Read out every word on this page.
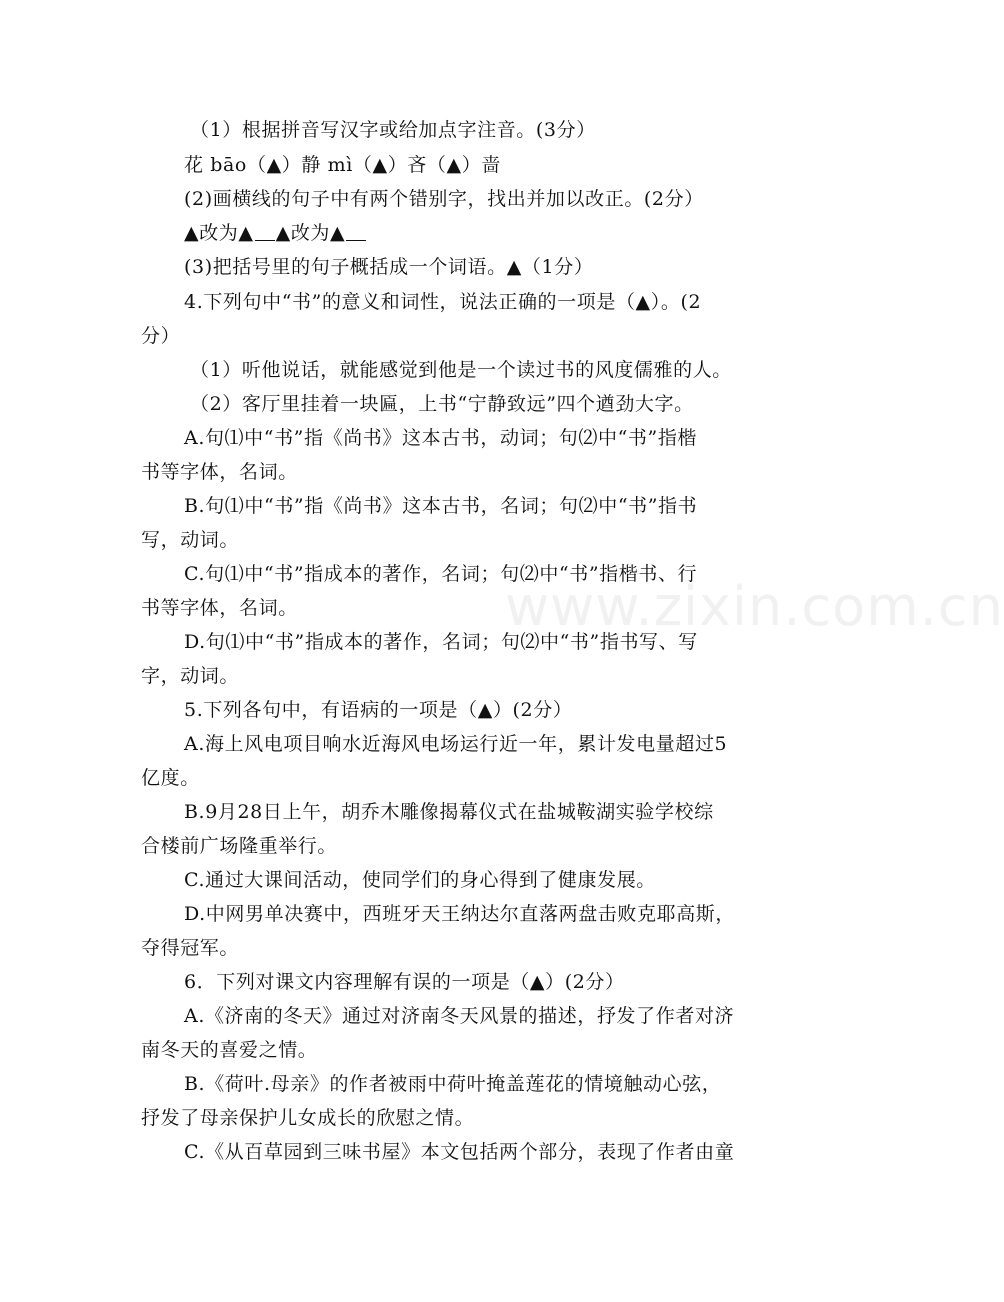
www.zixin.com.cn
（1）根据拼音写汉字或给加点字注音。(3分）
花 bāo（▲）静 mì（▲）吝（▲）啬
(2)画横线的句子中有两个错别字，找出并加以改正。(2分）
▲改为▲ ▲改为▲
(3)把括号里的句子概括成一个词语。▲（1分）
4.下列句中“书”的意义和词性，说法正确的一项是（▲）。(2
分）
（1）听他说话，就能感觉到他是一个读过书的风度儒雅的人。
（2）客厅里挂着一块匾，上书“宁静致远”四个遒劲大字。
A.句⑴中“书”指《尚书》这本古书，动词；句⑵中“书”指楷
书等字体，名词。
B.句⑴中“书”指《尚书》这本古书，名词；句⑵中“书”指书
写，动词。
C.句⑴中“书”指成本的著作，名词；句⑵中“书”指楷书、行
书等字体，名词。
D.句⑴中“书”指成本的著作，名词；句⑵中“书”指书写、写
字，动词。
5.下列各句中，有语病的一项是（▲）(2分）
A.海上风电项目响水近海风电场运行近一年，累计发电量超过5
亿度。
B.9月28日上午，胡乔木雕像揭幕仪式在盐城鞍湖实验学校综
合楼前广场隆重举行。
C.通过大课间活动，使同学们的身心得到了健康发展。
D.中网男单决赛中，西班牙天王纳达尔直落两盘击败克耶高斯，
夺得冠军。
6．下列对课文内容理解有误的一项是（▲）(2分）
A.《济南的冬天》通过对济南冬天风景的描述，抒发了作者对济
南冬天的喜爱之情。
B.《荷叶.母亲》的作者被雨中荷叶掩盖莲花的情境触动心弦，
抒发了母亲保护儿女成长的欣慰之情。
C.《从百草园到三味书屋》本文包括两个部分，表现了作者由童
